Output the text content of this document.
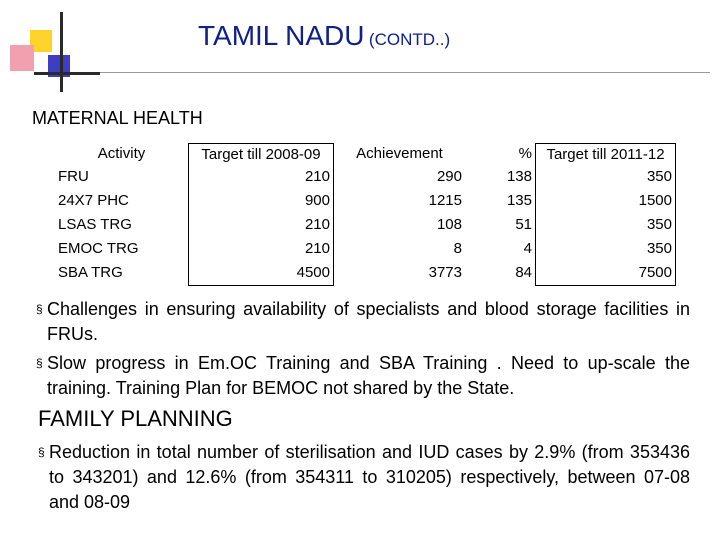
TAMIL NADU (CONTD..)
MATERNAL HEALTH
Activity	Target till 2008-09	Achievement	%	Target till 2011-12
FRU	210	290	138	350
24X7 PHC	900	1215	135	1500
LSAS TRG	210	108	51	350
EMOC TRG	210	8	4	350
SBA TRG	4500	3773	84	7500
§ Challenges in ensuring availability of specialists and blood storage facilities in FRUs.
§ Slow progress in Em.OC Training and SBA Training . Need to up-scale the training. Training Plan for BEMOC not shared by the State.
FAMILY PLANNING
§ Reduction in total number of sterilisation and IUD cases by 2.9% (from 353436 to 343201) and 12.6% (from 354311 to 310205) respectively, between 07-08 and 08-09
